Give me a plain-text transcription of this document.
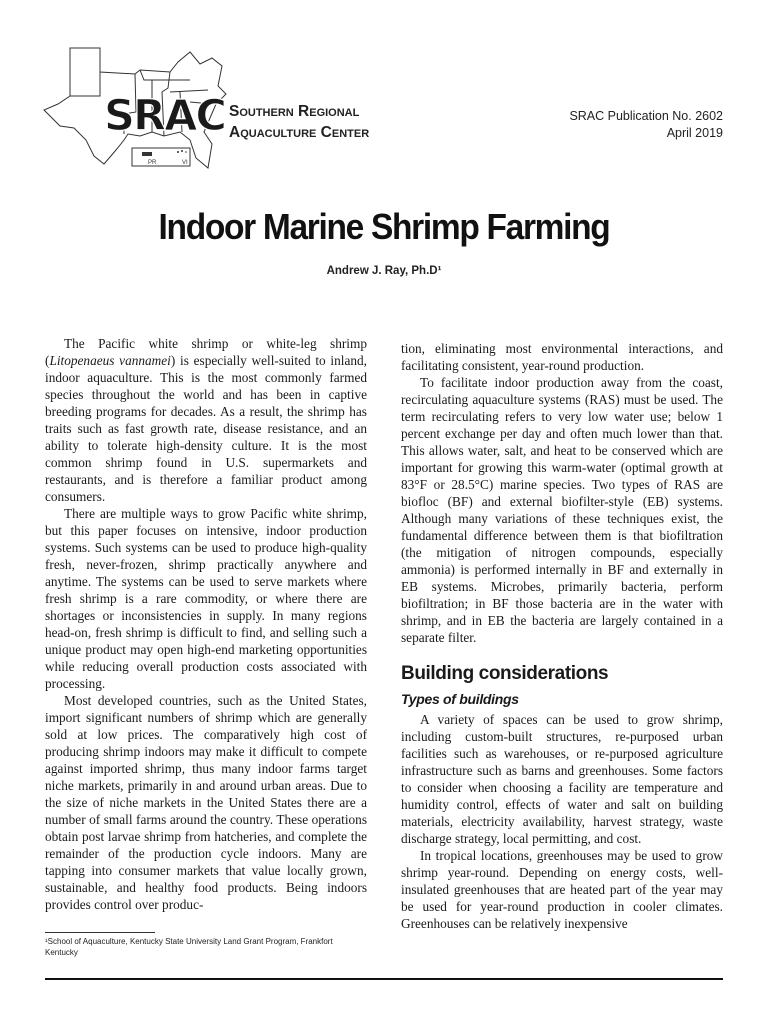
PR	VI
SRAC Southern Regional
Aquaculture Center
SRAC Publication No. 2602
April 2019
Indoor Marine Shrimp Farming
Andrew J. Ray, Ph.D¹

The Pacific white shrimp or white-leg shrimp (Litopenaeus vannamei) is especially well-suited to inland, indoor aquaculture. This is the most commonly farmed species throughout the world and has been in captive breeding programs for decades. As a result, the shrimp has traits such as fast growth rate, disease resistance, and an ability to tolerate high-density culture. It is the most common shrimp found in U.S. supermarkets and restaurants, and is therefore a familiar product among consumers.

There are multiple ways to grow Pacific white shrimp, but this paper focuses on intensive, indoor production systems. Such systems can be used to produce high-quality fresh, never-frozen, shrimp practically anywhere and anytime. The systems can be used to serve markets where fresh shrimp is a rare commodity, or where there are shortages or inconsistencies in supply. In many regions head-on, fresh shrimp is difficult to find, and selling such a unique product may open high-end marketing opportunities while reducing overall production costs associated with processing.

Most developed countries, such as the United States, import significant numbers of shrimp which are generally sold at low prices. The comparatively high cost of producing shrimp indoors may make it difficult to compete against imported shrimp, thus many indoor farms target niche markets, primarily in and around urban areas. Due to the size of niche markets in the United States there are a number of small farms around the country. These operations obtain post larvae shrimp from hatcheries, and complete the remainder of the production cycle indoors. Many are tapping into consumer markets that value locally grown, sustainable, and healthy food products. Being indoors provides control over produc-

tion, eliminating most environmental interactions, and facilitating consistent, year-round production.

To facilitate indoor production away from the coast, recirculating aquaculture systems (RAS) must be used. The term recirculating refers to very low water use; below 1 percent exchange per day and often much lower than that. This allows water, salt, and heat to be conserved which are important for growing this warm-water (optimal growth at 83°F or 28.5°C) marine species. Two types of RAS are biofloc (BF) and external biofilter-style (EB) systems. Although many variations of these techniques exist, the fundamental difference between them is that biofiltration (the mitigation of nitrogen compounds, especially ammonia) is performed internally in BF and externally in EB systems. Microbes, primarily bacteria, perform biofiltration; in BF those bacteria are in the water with shrimp, and in EB the bacteria are largely contained in a separate filter.

Building considerations
Types of buildings

A variety of spaces can be used to grow shrimp, including custom-built structures, re-purposed urban facilities such as warehouses, or re-purposed agriculture infrastructure such as barns and greenhouses. Some factors to consider when choosing a facility are temperature and humidity control, effects of water and salt on building materials, electricity availability, harvest strategy, waste discharge strategy, local permitting, and cost.

In tropical locations, greenhouses may be used to grow shrimp year-round. Depending on energy costs, well-insulated greenhouses that are heated part of the year may be used for year-round production in cooler climates. Greenhouses can be relatively inexpensive

¹School of Aquaculture, Kentucky State University Land Grant Program, Frankfort Kentucky
